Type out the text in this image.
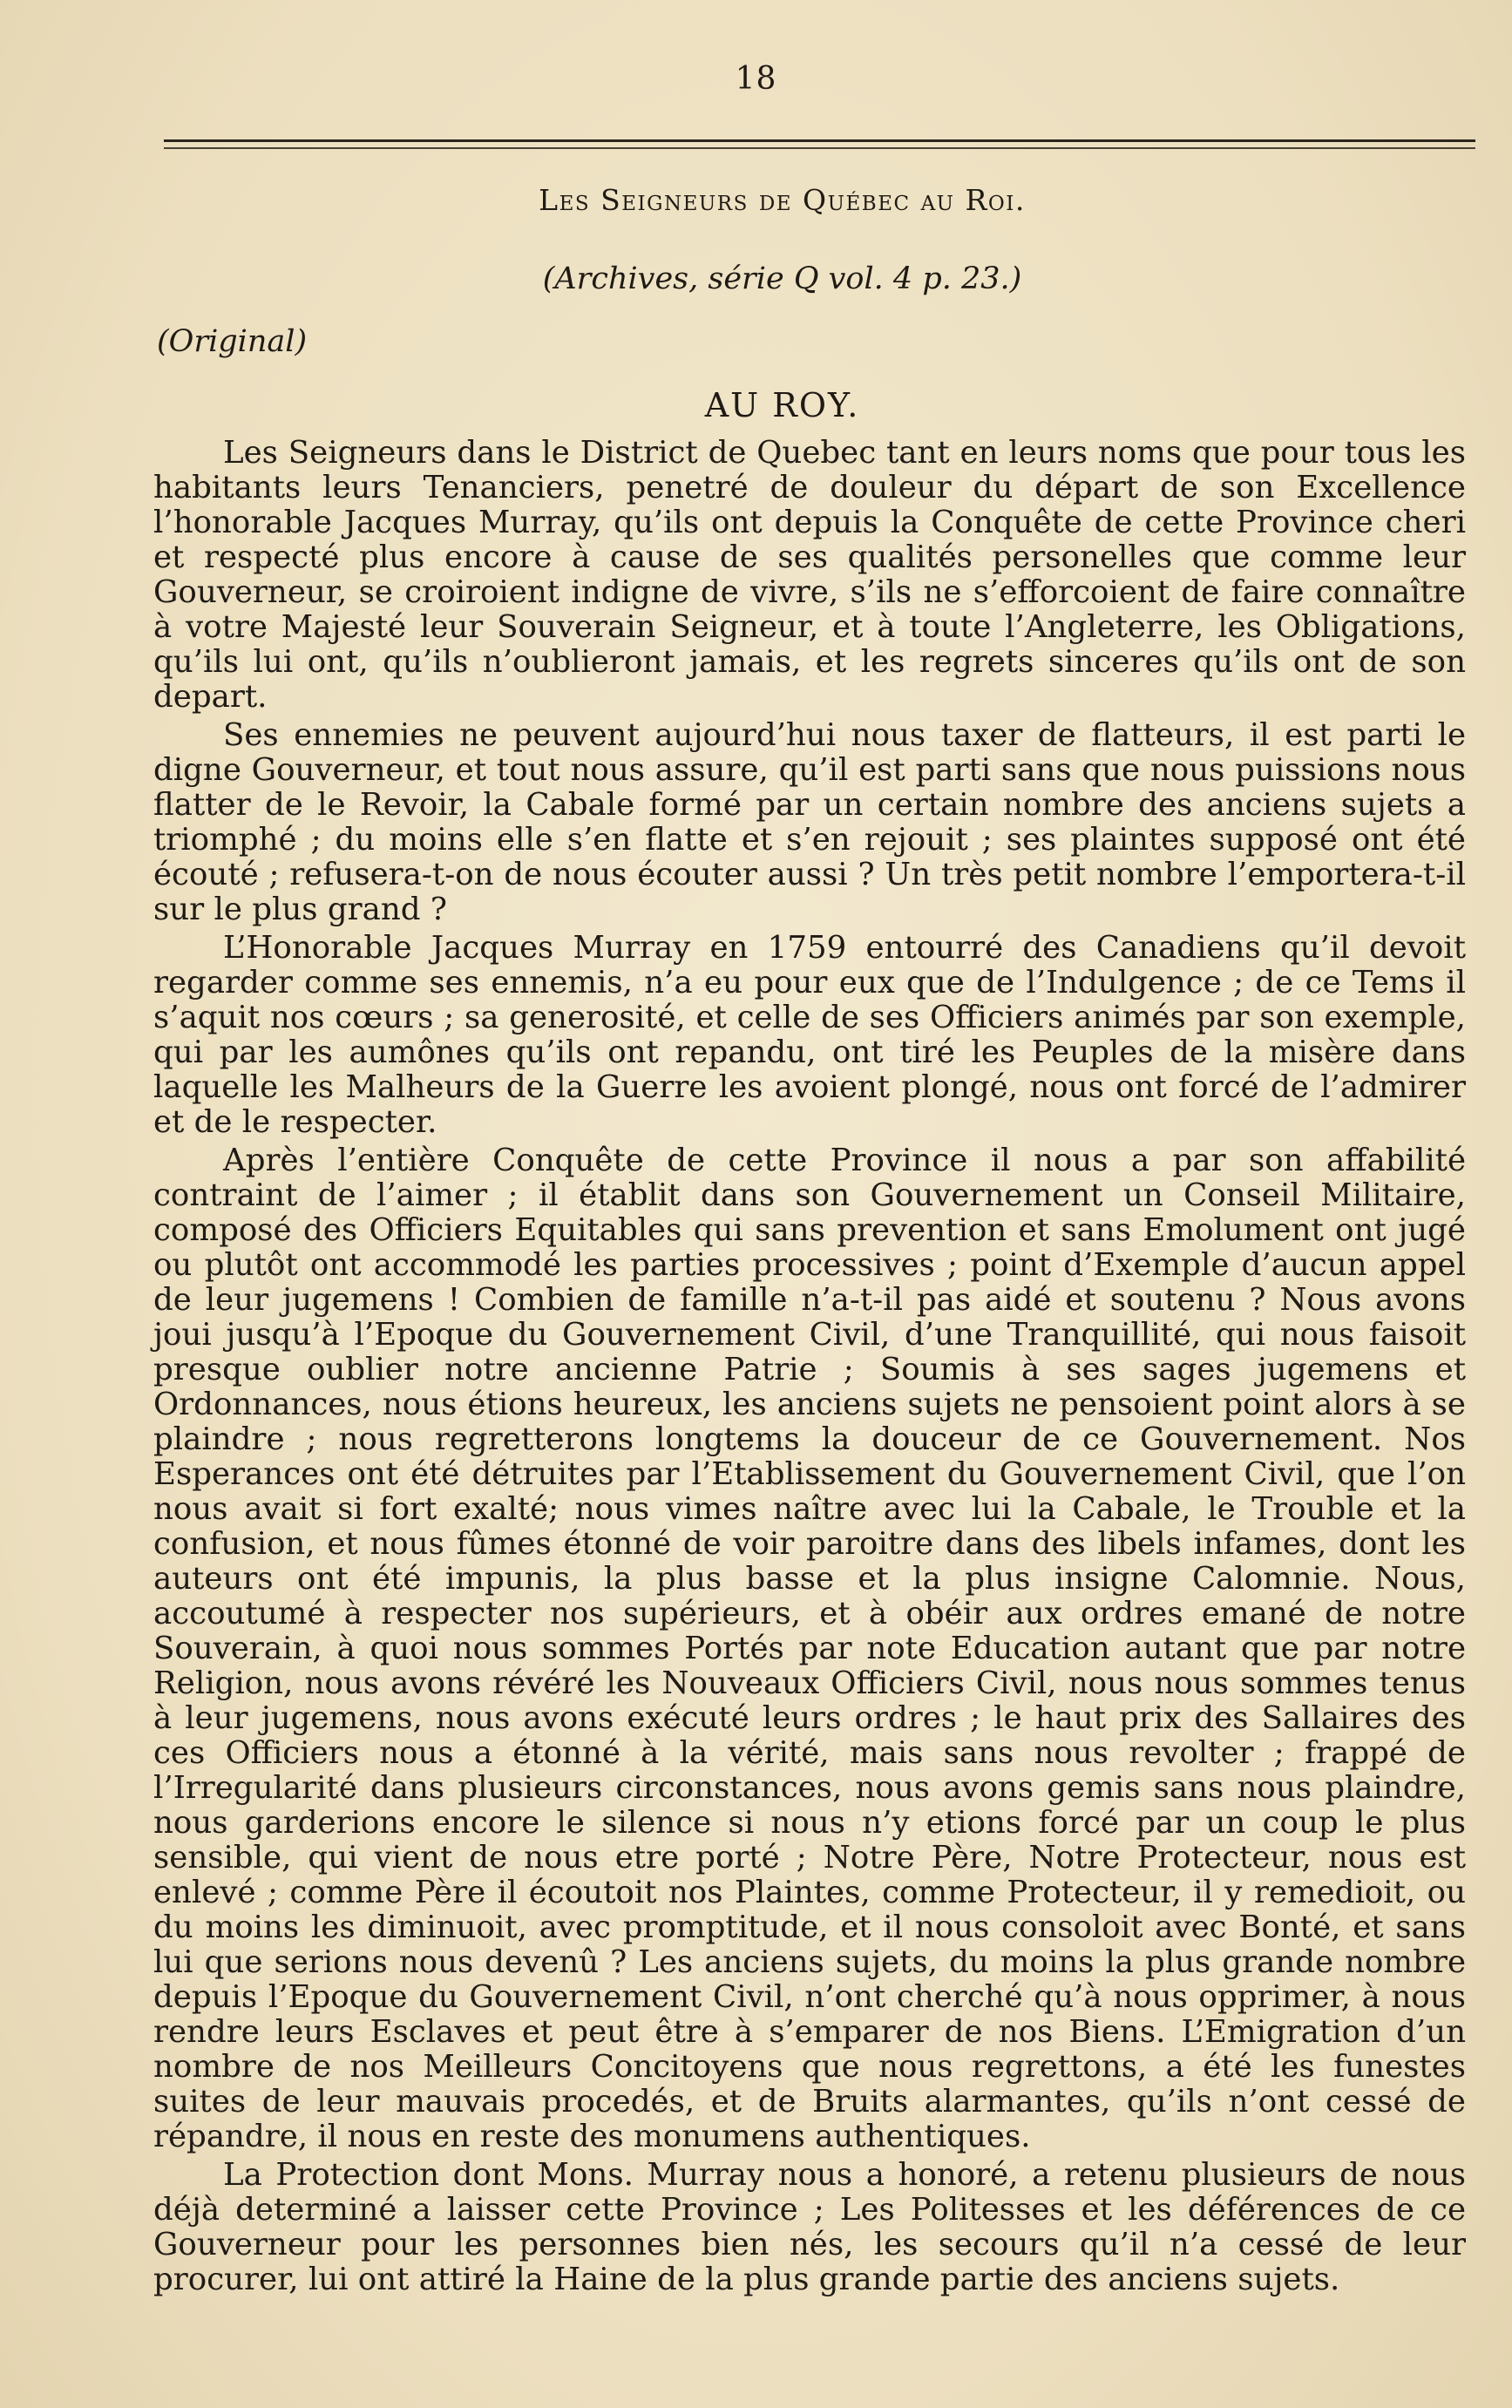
18
Les Seigneurs de Québec au Roi.
(Archives, série Q vol. 4 p. 23.)
(Original)
AU ROY.

Les Seigneurs dans le District de Quebec tant en leurs noms que pour tous les habitants leurs Tenanciers, penetré de douleur du départ de son Excellence l’honorable Jacques Murray, qu’ils ont depuis la Conquête de cette Province cheri et respecté plus encore à cause de ses qualités personelles que comme leur Gouverneur, se croiroient indigne de vivre, s’ils ne s’efforcoient de faire connaître à votre Majesté leur Souverain Seigneur, et à toute l’Angleterre, les Obligations, qu’ils lui ont, qu’ils n’oublieront jamais, et les regrets sinceres qu’ils ont de son depart.

Ses ennemies ne peuvent aujourd’hui nous taxer de flatteurs, il est parti le digne Gouverneur, et tout nous assure, qu’il est parti sans que nous puissions nous flatter de le Revoir, la Cabale formé par un certain nombre des anciens sujets a triomphé ; du moins elle s’en flatte et s’en rejouit ; ses plaintes supposé ont été écouté ; refusera-t-on de nous écouter aussi ? Un très petit nombre l’emportera-t-il sur le plus grand ?

L’Honorable Jacques Murray en 1759 entourré des Canadiens qu’il devoit regarder comme ses ennemis, n’a eu pour eux que de l’Indulgence ; de ce Tems il s’aquit nos cœurs ; sa generosité, et celle de ses Officiers animés par son exemple, qui par les aumônes qu’ils ont repandu, ont tiré les Peuples de la misère dans laquelle les Malheurs de la Guerre les avoient plongé, nous ont forcé de l’admirer et de le respecter.

Après l’entière Conquête de cette Province il nous a par son affabilité contraint de l’aimer ; il établit dans son Gouvernement un Conseil Militaire, composé des Officiers Equitables qui sans prevention et sans Emolument ont jugé ou plutôt ont accommodé les parties processives ; point d’Exemple d’aucun appel de leur jugemens ! Combien de famille n’a-t-il pas aidé et soutenu ? Nous avons joui jusqu’à l’Epoque du Gouvernement Civil, d’une Tranquillité, qui nous faisoit presque oublier notre ancienne Patrie ; Soumis à ses sages jugemens et Ordonnances, nous étions heureux, les anciens sujets ne pensoient point alors à se plaindre ; nous regretterons longtems la douceur de ce Gouvernement. Nos Esperances ont été détruites par l’Etablissement du Gouvernement Civil, que l’on nous avait si fort exalté; nous vimes naître avec lui la Cabale, le Trouble et la confusion, et nous fûmes étonné de voir paroitre dans des libels infames, dont les auteurs ont été impunis, la plus basse et la plus insigne Calomnie. Nous, accoutumé à respecter nos supérieurs, et à obéir aux ordres emané de notre Souverain, à quoi nous sommes Portés par note Education autant que par notre Religion, nous avons révéré les Nouveaux Officiers Civil, nous nous sommes tenus à leur jugemens, nous avons exécuté leurs ordres ; le haut prix des Sallaires des ces Officiers nous a étonné à la vérité, mais sans nous revolter ; frappé de l’Irregularité dans plusieurs circonstances, nous avons gemis sans nous plaindre, nous garderions encore le silence si nous n’y etions forcé par un coup le plus sensible, qui vient de nous etre porté ; Notre Père, Notre Protecteur, nous est enlevé ; comme Père il écoutoit nos Plaintes, comme Protecteur, il y remedioit, ou du moins les diminuoit, avec promptitude, et il nous consoloit avec Bonté, et sans lui que serions nous devenû ? Les anciens sujets, du moins la plus grande nombre depuis l’Epoque du Gouvernement Civil, n’ont cherché qu’à nous opprimer, à nous rendre leurs Esclaves et peut être à s’emparer de nos Biens. L’Emigration d’un nombre de nos Meilleurs Concitoyens que nous regrettons, a été les funestes suites de leur mauvais procedés, et de Bruits alarmantes, qu’ils n’ont cessé de répandre, il nous en reste des monumens authentiques.

La Protection dont Mons. Murray nous a honoré, a retenu plusieurs de nous déjà determiné a laisser cette Province ; Les Politesses et les déférences de ce Gouverneur pour les personnes bien nés, les secours qu’il n’a cessé de leur procurer, lui ont attiré la Haine de la plus grande partie des anciens sujets.
